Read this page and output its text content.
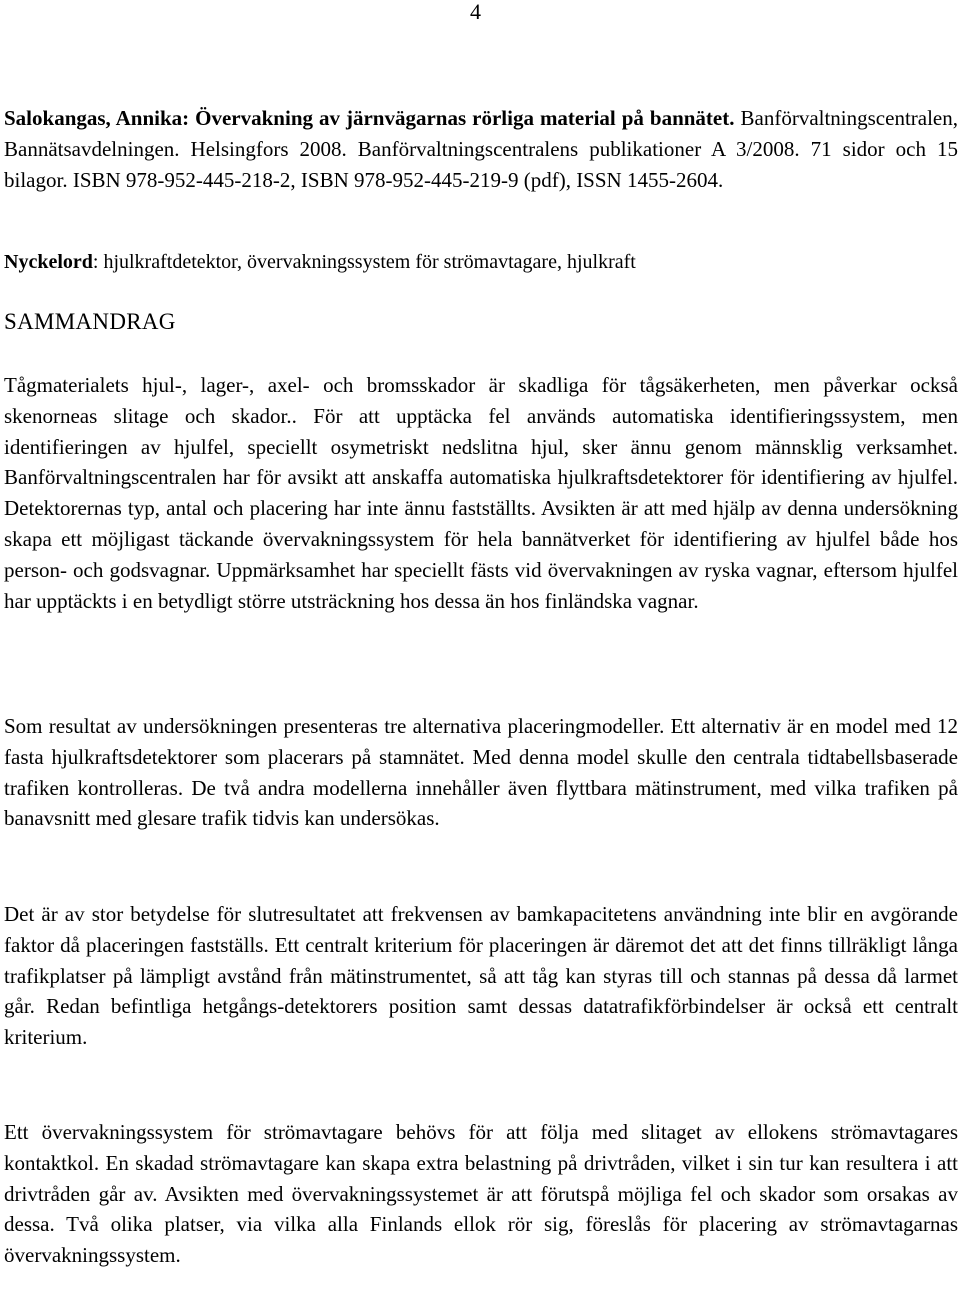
4

Salokangas, Annika: Övervakning av järnvägarnas rörliga material på bannätet. Banförvaltningscentralen, Bannätsavdelningen. Helsingfors 2008. Banförvaltningscentralens publikationer A 3/2008. 71 sidor och 15 bilagor. ISBN 978-952-445-218-2, ISBN 978-952-445-219-9 (pdf), ISSN 1455-2604.

Nyckelord: hjulkraftdetektor, övervakningssystem för strömavtagare, hjulkraft

SAMMANDRAG

Tågmaterialets hjul-, lager-, axel- och bromsskador är skadliga för tågsäkerheten, men påverkar också skenorneas slitage och skador.. För att upptäcka fel används automatiska identifieringssystem, men identifieringen av hjulfel, speciellt osymetriskt nedslitna hjul, sker ännu genom männsklig verksamhet. Banförvaltningscentralen har för avsikt att anskaffa automatiska hjulkraftsdetektorer för identifiering av hjulfel. Detektorernas typ, antal och placering har inte ännu fastställts. Avsikten är att med hjälp av denna undersökning skapa ett möjligast täckande övervakningssystem för hela bannätverket för identifiering av hjulfel både hos person- och godsvagnar. Uppmärksamhet har speciellt fästs vid övervakningen av ryska vagnar, eftersom hjulfel har upptäckts i en betydligt större utsträckning hos dessa än hos finländska vagnar.

Som resultat av undersökningen presenteras tre alternativa placeringmodeller. Ett alternativ är en model med 12 fasta hjulkraftsdetektorer som placerars på stamnätet. Med denna model skulle den centrala tidtabellsbaserade trafiken kontrolleras. De två andra modellerna innehåller även flyttbara mätinstrument, med vilka trafiken på banavsnitt med glesare trafik tidvis kan undersökas.

Det är av stor betydelse för slutresultatet att frekvensen av bamkapacitetens användning inte blir en avgörande faktor då placeringen fastställs. Ett centralt kriterium för placeringen är däremot det att det finns tillräkligt långa trafikplatser på lämpligt avstånd från mätinstrumentet, så att tåg kan styras till och stannas på dessa då larmet går. Redan befintliga hetgångs-detektorers position samt dessas datatrafikförbindelser är också ett centralt kriterium.

Ett övervakningssystem för strömavtagare behövs för att följa med slitaget av ellokens strömavtagares kontaktkol. En skadad strömavtagare kan skapa extra belastning på drivtråden, vilket i sin tur kan resultera i att drivtråden går av. Avsikten med övervakningssystemet är att förutspå möjliga fel och skador som orsakas av dessa. Två olika platser, via vilka alla Finlands ellok rör sig, föreslås för placering av strömavtagarnas övervakningssystem.
